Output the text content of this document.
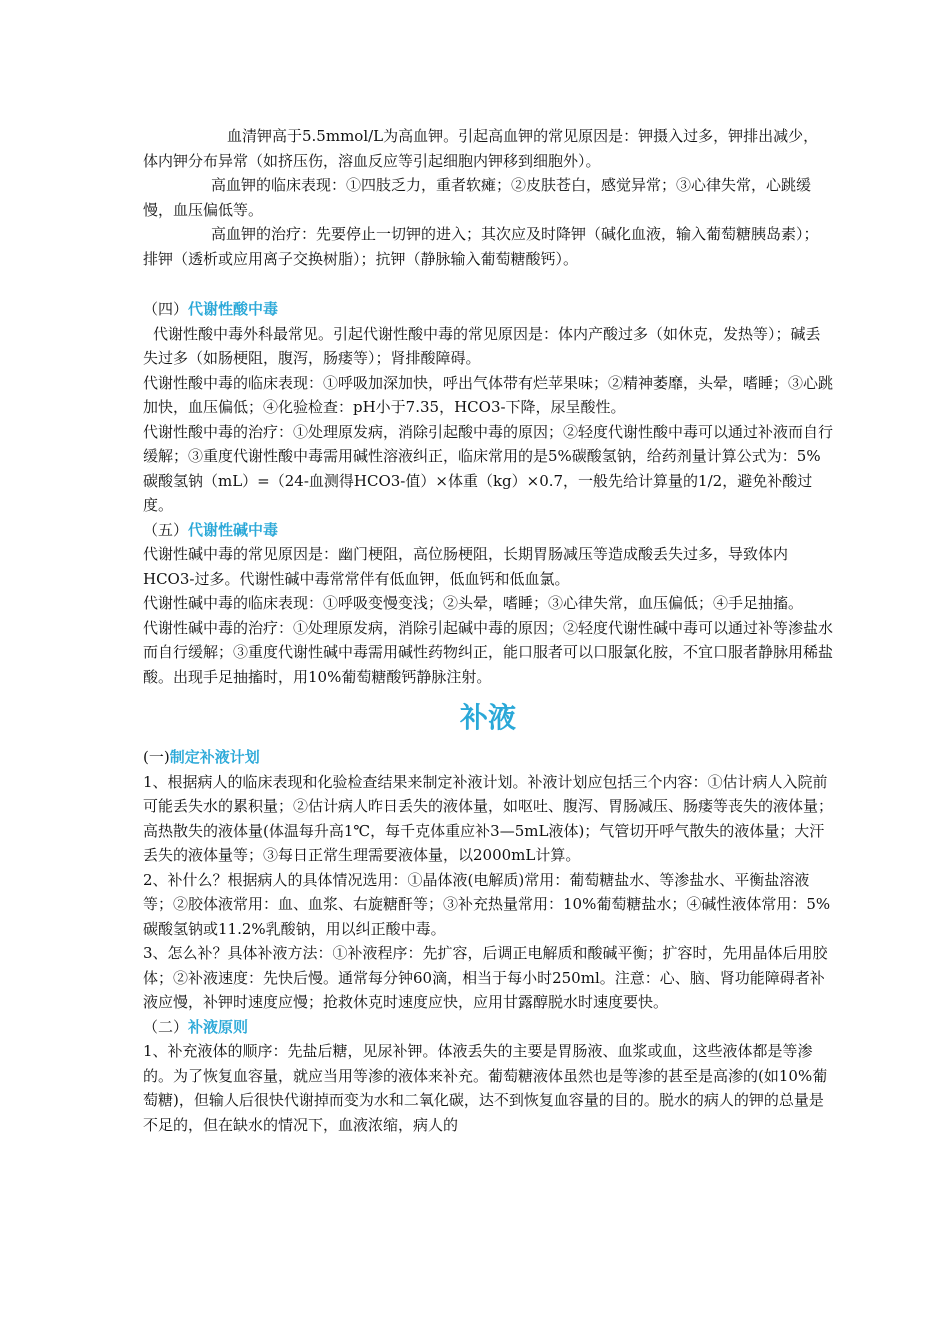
血清钾高于5.5mmol/L为高血钾。引起高血钾的常见原因是：钾摄入过多，钾排出减少，体内钾分布异常（如挤压伤，溶血反应等引起细胞内钾移到细胞外）。

高血钾的临床表现：①四肢乏力，重者软瘫；②皮肤苍白，感觉异常；③心律失常，心跳缓慢，血压偏低等。

高血钾的治疗：先要停止一切钾的进入；其次应及时降钾（碱化血液，输入葡萄糖胰岛素）；排钾（透析或应用离子交换树脂）；抗钾（静脉输入葡萄糖酸钙）。

（四）代谢性酸中毒

代谢性酸中毒外科最常见。引起代谢性酸中毒的常见原因是：体内产酸过多（如休克，发热等）；碱丢失过多（如肠梗阻，腹泻，肠瘘等）；肾排酸障碍。

代谢性酸中毒的临床表现：①呼吸加深加快，呼出气体带有烂苹果味；②精神萎靡，头晕，嗜睡；③心跳加快，血压偏低；④化验检查：pH小于7.35，HCO3-下降，尿呈酸性。

代谢性酸中毒的治疗：①处理原发病，消除引起酸中毒的原因；②轻度代谢性酸中毒可以通过补液而自行缓解；③重度代谢性酸中毒需用碱性溶液纠正，临床常用的是5%碳酸氢钠，给药剂量计算公式为：5%碳酸氢钠（mL）=（24-血测得HCO3-值）×体重（kg）×0.7，一般先给计算量的1/2，避免补酸过度。

（五）代谢性碱中毒

代谢性碱中毒的常见原因是：幽门梗阻，高位肠梗阻，长期胃肠减压等造成酸丢失过多，导致体内HCO3-过多。代谢性碱中毒常常伴有低血钾，低血钙和低血氯。

代谢性碱中毒的临床表现：①呼吸变慢变浅；②头晕，嗜睡；③心律失常，血压偏低；④手足抽搐。

代谢性碱中毒的治疗：①处理原发病，消除引起碱中毒的原因；②轻度代谢性碱中毒可以通过补等渗盐水而自行缓解；③重度代谢性碱中毒需用碱性药物纠正，能口服者可以口服氯化胺，不宜口服者静脉用稀盐酸。出现手足抽搐时，用10%葡萄糖酸钙静脉注射。

补液
(一)制定补液计划

1、根据病人的临床表现和化验检查结果来制定补液计划。补液计划应包括三个内容：①估计病人入院前可能丢失水的累积量；②估计病人昨日丢失的液体量，如呕吐、腹泻、胃肠减压、肠瘘等丧失的液体量；高热散失的液体量(体温每升高1℃，每千克体重应补3—5mL液体)；气管切开呼气散失的液体量；大汗丢失的液体量等；③每日正常生理需要液体量，以2000mL计算。

2、补什么？根据病人的具体情况选用：①晶体液(电解质)常用：葡萄糖盐水、等渗盐水、平衡盐溶液等；②胶体液常用：血、血浆、右旋糖酐等；③补充热量常用：10%葡萄糖盐水；④碱性液体常用：5%碳酸氢钠或11.2%乳酸钠，用以纠正酸中毒。

3、怎么补？具体补液方法：①补液程序：先扩容，后调正电解质和酸碱平衡；扩容时，先用晶体后用胶体；②补液速度：先快后慢。通常每分钟60滴，相当于每小时250ml。注意：心、脑、肾功能障碍者补液应慢，补钾时速度应慢；抢救休克时速度应快，应用甘露醇脱水时速度要快。

（二）补液原则

1、补充液体的顺序：先盐后糖，见尿补钾。体液丢失的主要是胃肠液、血浆或血，这些液体都是等渗的。为了恢复血容量，就应当用等渗的液体来补充。葡萄糖液体虽然也是等渗的甚至是高渗的(如10%葡萄糖)，但输人后很快代谢掉而变为水和二氧化碳，达不到恢复血容量的目的。脱水的病人的钾的总量是不足的，但在缺水的情况下，血液浓缩，病人的
